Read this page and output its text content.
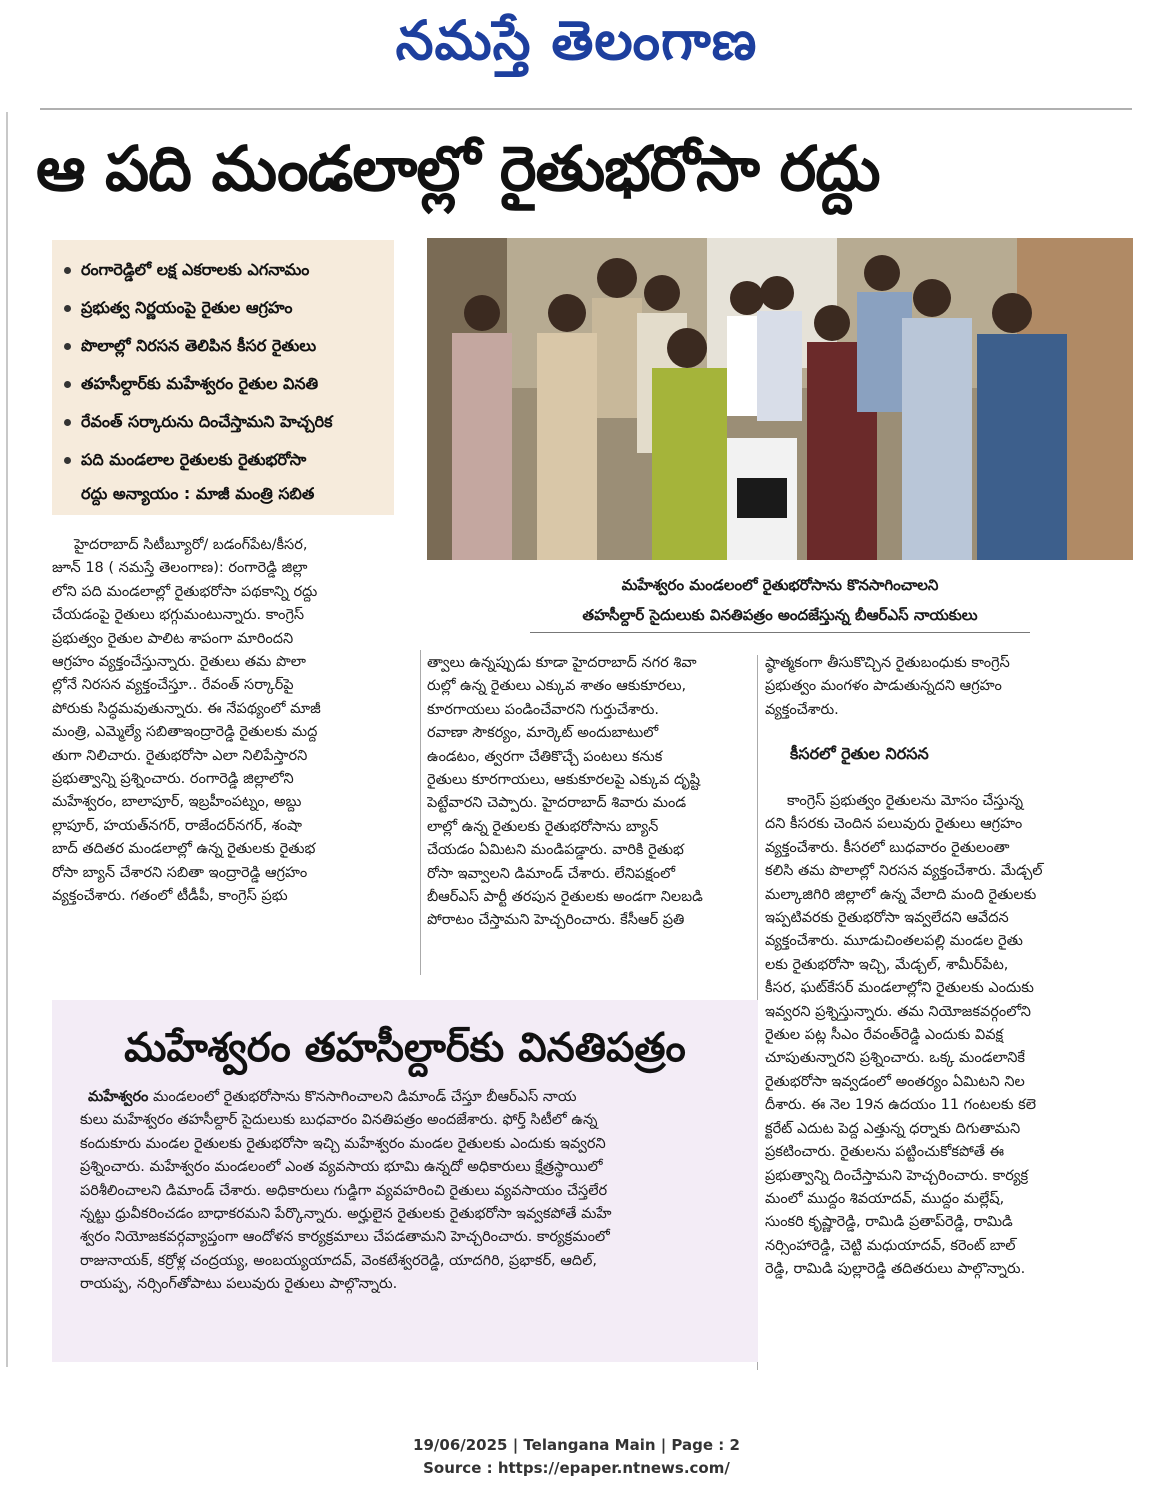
నమస్తే తెలంగాణ
ఆ పది మండలాల్లో రైతుభరోసా రద్దు
రంగారెడ్డిలో లక్ష ఎకరాలకు ఎగనామం
ప్రభుత్వ నిర్ణయంపై రైతుల ఆగ్రహం
పొలాల్లో నిరసన తెలిపిన కీసర రైతులు
తహసీల్దార్‌కు మహేశ్వరం రైతుల వినతి
రేవంత్ సర్కారును దించేస్తామని హెచ్చరిక
పది మండలాల రైతులకు రైతుభరోసా
రద్దు అన్యాయం : మాజీ మంత్రి సబిత
మహేశ్వరం మండలంలో రైతుభరోసాను కొనసాగించాలని
తహసీల్దార్ సైదులుకు వినతిపత్రం అందజేస్తున్న బీఆర్‌ఎస్ నాయకులు
హైదరాబాద్ సిటీబ్యూరో/ బడంగ్‌పేట/కీసర,
జూన్ 18 ( నమస్తే తెలంగాణ): రంగారెడ్డి జిల్లా
లోని పది మండలాల్లో రైతుభరోసా పథకాన్ని రద్దు
చేయడంపై రైతులు భగ్గుమంటున్నారు. కాంగ్రెస్
ప్రభుత్వం రైతుల పాలిట శాపంగా మారిందని
ఆగ్రహం వ్యక్తంచేస్తున్నారు. రైతులు తమ పొలా
ల్లోనే నిరసన వ్యక్తంచేస్తూ.. రేవంత్ సర్కార్‌పై
పోరుకు సిద్ధమవుతున్నారు. ఈ నేపథ్యంలో మాజీ
మంత్రి, ఎమ్మెల్యే సబితాఇంద్రారెడ్డి రైతులకు మద్ద
తుగా నిలిచారు. రైతుభరోసా ఎలా నిలిపేస్తారని
ప్రభుత్వాన్ని ప్రశ్నించారు. రంగారెడ్డి జిల్లాలోని
మహేశ్వరం, బాలాపూర్, ఇబ్రహీంపట్నం, అబ్దు
ల్లాపూర్, హయత్‌నగర్, రాజేందర్‌నగర్, శంషా
బాద్ తదితర మండలాల్లో ఉన్న రైతులకు రైతుభ
రోసా బ్యాన్ చేశారని సబితా ఇంద్రారెడ్డి ఆగ్రహం
వ్యక్తంచేశారు. గతంలో టీడీపీ, కాంగ్రెస్ ప్రభు
త్వాలు ఉన్నప్పుడు కూడా హైదరాబాద్ నగర శివా
రుల్లో ఉన్న రైతులు ఎక్కువ శాతం ఆకుకూరలు,
కూరగాయలు పండించేవారని గుర్తుచేశారు.
రవాణా సౌకర్యం, మార్కెట్ అందుబాటులో
ఉండటం, త్వరగా చేతికొచ్చే పంటలు కనుక
రైతులు కూరగాయలు, ఆకుకూరలపై ఎక్కువ దృష్టి
పెట్టేవారని చెప్పారు. హైదరాబాద్ శివారు మండ
లాల్లో ఉన్న రైతులకు రైతుభరోసాను బ్యాన్
చేయడం ఏమిటని మండిపడ్డారు. వారికి రైతుభ
రోసా ఇవ్వాలని డిమాండ్ చేశారు. లేనిపక్షంలో
బీఆర్‌ఎస్ పార్టీ తరపున రైతులకు అండగా నిలబడి
పోరాటం చేస్తామని హెచ్చరించారు. కేసీఆర్ ప్రతి
ష్ఠాత్మకంగా తీసుకొచ్చిన రైతుబంధుకు కాంగ్రెస్
ప్రభుత్వం మంగళం పాడుతున్నదని ఆగ్రహం
వ్యక్తంచేశారు.
కీసరలో రైతుల నిరసన
కాంగ్రెస్ ప్రభుత్వం రైతులను మోసం చేస్తున్న
దని కీసరకు చెందిన పలువురు రైతులు ఆగ్రహం
వ్యక్తంచేశారు. కీసరలో బుధవారం రైతులంతా
కలిసి తమ పొలాల్లో నిరసన వ్యక్తంచేశారు. మేడ్చల్
మల్కాజిగిరి జిల్లాలో ఉన్న వేలాది మంది రైతులకు
ఇప్పటివరకు రైతుభరోసా ఇవ్వలేదని ఆవేదన
వ్యక్తంచేశారు. మూడుచింతలపల్లి మండల రైతు
లకు రైతుభరోసా ఇచ్చి, మేడ్చల్, శామీర్‌పేట,
కీసర, ఘట్‌కేసర్ మండలాల్లోని రైతులకు ఎందుకు
ఇవ్వరని ప్రశ్నిస్తున్నారు. తమ నియోజకవర్గంలోని
రైతుల పట్ల సీఎం రేవంత్‌రెడ్డి ఎందుకు వివక్ష
చూపుతున్నారని ప్రశ్నించారు. ఒక్క మండలానికే
రైతుభరోసా ఇవ్వడంలో అంతర్యం ఏమిటని నిల
దీశారు. ఈ నెల 19న ఉదయం 11 గంటలకు కలె
క్టరేట్ ఎదుట పెద్ద ఎత్తున్న ధర్నాకు దిగుతామని
ప్రకటించారు. రైతులను పట్టించుకోకపోతే ఈ
ప్రభుత్వాన్ని దించేస్తామని హెచ్చరించారు. కార్యక్ర
మంలో ముద్దం శివయాదవ్, ముద్దం మల్లేష్,
సుంకరి కృష్ణారెడ్డి, రామిడి ప్రతాప్‌రెడ్డి, రామిడి
నర్సింహారెడ్డి, చెట్టి మధుయాదవ్, కరెంట్ బాల్
రెడ్డి, రామిడి పుల్లారెడ్డి తదితరులు పాల్గొన్నారు.
మహేశ్వరం తహసీల్దార్‌కు వినతిపత్రం
మహేశ్వరం మండలంలో రైతుభరోసాను కొనసాగించాలని డిమాండ్ చేస్తూ బీఆర్‌ఎస్ నాయ
కులు మహేశ్వరం తహసీల్దార్ సైదులుకు బుధవారం వినతిపత్రం అందజేశారు. ఫోర్త్ సిటీలో ఉన్న
కందుకూరు మండల రైతులకు రైతుభరోసా ఇచ్చి మహేశ్వరం మండల రైతులకు ఎందుకు ఇవ్వరని
ప్రశ్నించారు. మహేశ్వరం మండలంలో ఎంత వ్యవసాయ భూమి ఉన్నదో అధికారులు క్షేత్రస్థాయిలో
పరిశీలించాలని డిమాండ్ చేశారు. అధికారులు గుడ్డిగా వ్యవహరించి రైతులు వ్యవసాయం చేస్తలేర
న్నట్టు ధ్రువీకరించడం బాధాకరమని పేర్కొన్నారు. అర్హులైన రైతులకు రైతుభరోసా ఇవ్వకపోతే మహే
శ్వరం నియోజకవర్గవ్యాప్తంగా ఆందోళన కార్యక్రమాలు చేపడతామని హెచ్చరించారు. కార్యక్రమంలో
రాజునాయక్, కర్రోళ్ల చంద్రయ్య, అంబయ్యయాదవ్, వెంకటేశ్వరరెడ్డి, యాదగిరి, ప్రభాకర్, ఆదిల్,
రాయప్ప, నర్సింగ్‌తోపాటు పలువురు రైతులు పాల్గొన్నారు.
19/06/2025 | Telangana Main | Page : 2
Source : https://epaper.ntnews.com/
